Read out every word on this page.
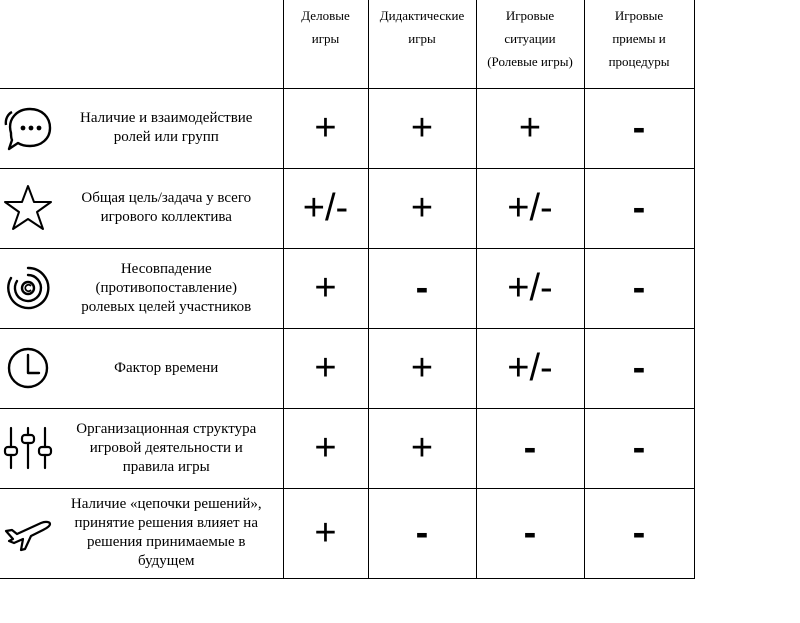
	Деловые
игры	Дидактические
игры	Игровые
ситуации
(Ролевые игры)	Игровые
приемы и
процедуры

Наличие и взаимодействие
ролей или групп	+	+	+	-

Общая цель/задача у всего
игрового коллектива	+/-	+	+/-	-

Несовпадение
(противопоставление)
ролевых целей участников	+	-	+/-	-

Фактор времени	+	+	+/-	-

Организационная структура
игровой деятельности и
правила игры	+	+	-	-

Наличие «цепочки решений»,
принятие решения влияет на
решения принимаемые в
будущем	+	-	-	-
